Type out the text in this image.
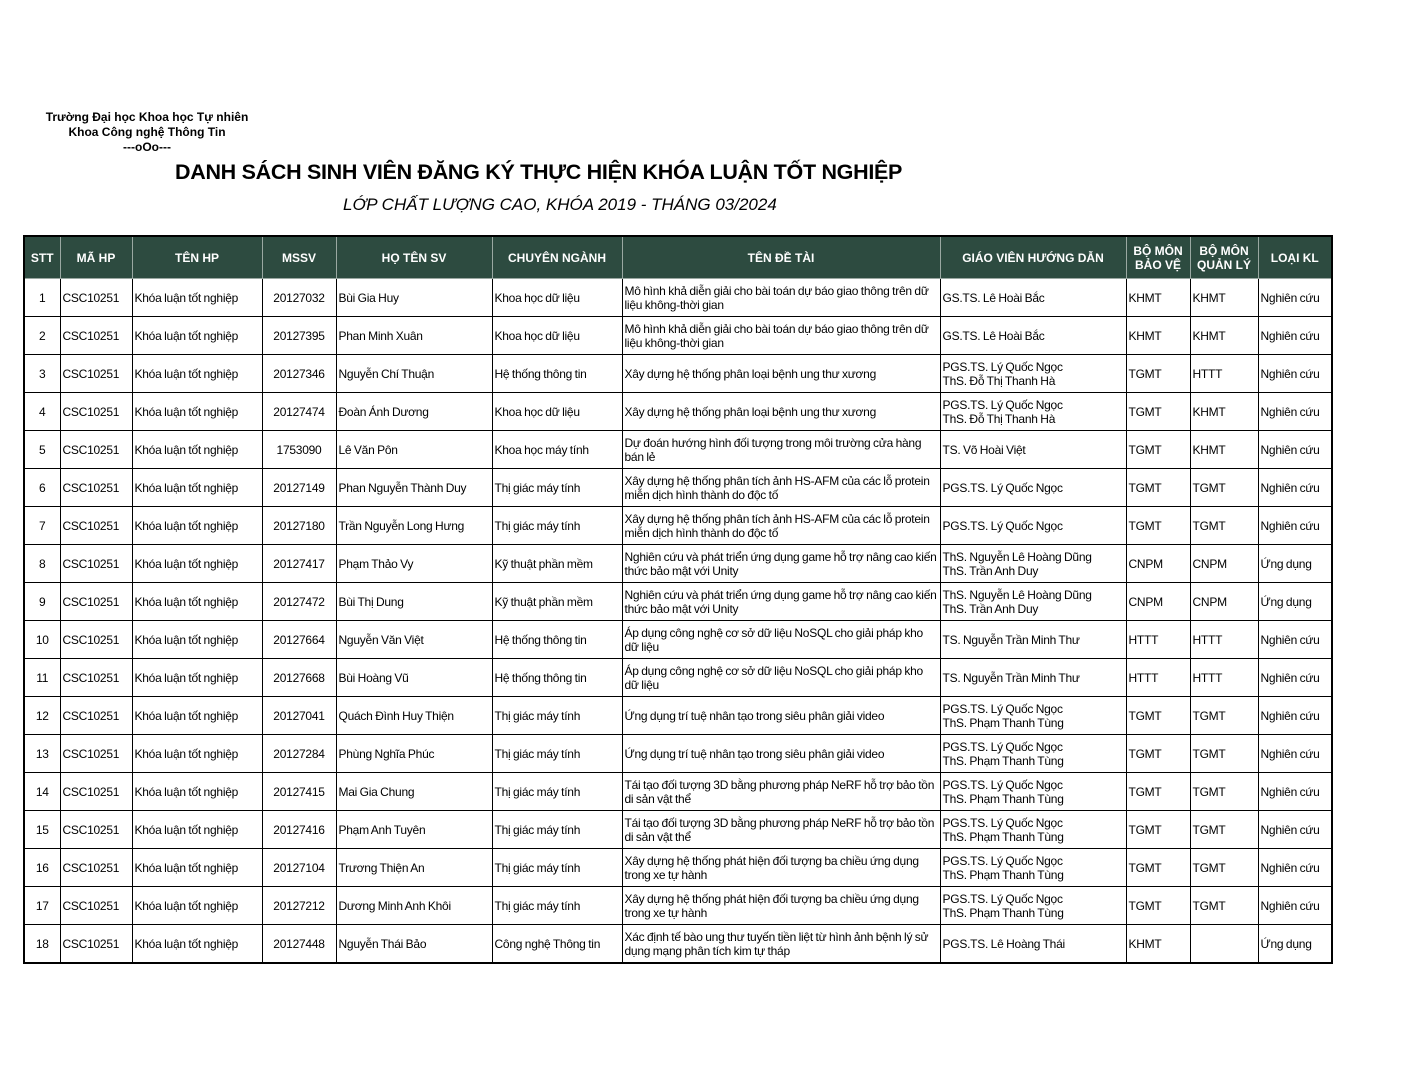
Trường Đại học Khoa học Tự nhiên
Khoa Công nghệ Thông Tin
---oOo---
DANH SÁCH SINH VIÊN ĐĂNG KÝ THỰC HIỆN KHÓA LUẬN TỐT NGHIỆP
LỚP CHẤT LƯỢNG CAO, KHÓA 2019 - THÁNG 03/2024
STT	MÃ HP	TÊN HP	MSSV	HỌ TÊN SV	CHUYÊN NGÀNH	TÊN ĐỀ TÀI	GIÁO VIÊN HƯỚNG DẪN	BỘ MÔN BẢO VỆ	BỘ MÔN QUẢN LÝ	LOẠI KL
1	CSC10251	Khóa luận tốt nghiệp	20127032	Bùi Gia Huy	Khoa học dữ liệu	Mô hình khả diễn giải cho bài toán dự báo giao thông trên dữ liệu không-thời gian	GS.TS. Lê Hoài Bắc	KHMT	KHMT	Nghiên cứu
2	CSC10251	Khóa luận tốt nghiệp	20127395	Phan Minh Xuân	Khoa học dữ liệu	Mô hình khả diễn giải cho bài toán dự báo giao thông trên dữ liệu không-thời gian	GS.TS. Lê Hoài Bắc	KHMT	KHMT	Nghiên cứu
3	CSC10251	Khóa luận tốt nghiệp	20127346	Nguyễn Chí Thuận	Hệ thống thông tin	Xây dựng hệ thống phân loại bệnh ung thư xương	PGS.TS. Lý Quốc Ngọc
ThS. Đỗ Thị Thanh Hà	TGMT	HTTT	Nghiên cứu
4	CSC10251	Khóa luận tốt nghiệp	20127474	Đoàn Ánh Dương	Khoa học dữ liệu	Xây dựng hệ thống phân loại bệnh ung thư xương	PGS.TS. Lý Quốc Ngọc
ThS. Đỗ Thị Thanh Hà	TGMT	KHMT	Nghiên cứu
5	CSC10251	Khóa luận tốt nghiệp	1753090	Lê Văn Pôn	Khoa học máy tính	Dự đoán hướng hình đối tượng trong môi trường cửa hàng bán lẻ	TS. Võ Hoài Việt	TGMT	KHMT	Nghiên cứu
6	CSC10251	Khóa luận tốt nghiệp	20127149	Phan Nguyễn Thành Duy	Thị giác máy tính	Xây dựng hệ thống phân tích ảnh HS-AFM của các lỗ protein miễn dịch hình thành do độc tố	PGS.TS. Lý Quốc Ngọc	TGMT	TGMT	Nghiên cứu
7	CSC10251	Khóa luận tốt nghiệp	20127180	Trần Nguyễn Long Hưng	Thị giác máy tính	Xây dựng hệ thống phân tích ảnh HS-AFM của các lỗ protein miễn dịch hình thành do độc tố	PGS.TS. Lý Quốc Ngọc	TGMT	TGMT	Nghiên cứu
8	CSC10251	Khóa luận tốt nghiệp	20127417	Phạm Thảo Vy	Kỹ thuật phần mềm	Nghiên cứu và phát triển ứng dụng game hỗ trợ nâng cao kiến thức bảo mật với Unity	ThS. Nguyễn Lê Hoàng Dũng
ThS. Trần Anh Duy	CNPM	CNPM	Ứng dụng
9	CSC10251	Khóa luận tốt nghiệp	20127472	Bùi Thị Dung	Kỹ thuật phần mềm	Nghiên cứu và phát triển ứng dụng game hỗ trợ nâng cao kiến thức bảo mật với Unity	ThS. Nguyễn Lê Hoàng Dũng
ThS. Trần Anh Duy	CNPM	CNPM	Ứng dụng
10	CSC10251	Khóa luận tốt nghiệp	20127664	Nguyễn Văn Việt	Hệ thống thông tin	Áp dụng công nghệ cơ sở dữ liệu NoSQL cho giải pháp kho dữ liệu	TS. Nguyễn Trần Minh Thư	HTTT	HTTT	Nghiên cứu
11	CSC10251	Khóa luận tốt nghiệp	20127668	Bùi Hoàng Vũ	Hệ thống thông tin	Áp dụng công nghệ cơ sở dữ liệu NoSQL cho giải pháp kho dữ liệu	TS. Nguyễn Trần Minh Thư	HTTT	HTTT	Nghiên cứu
12	CSC10251	Khóa luận tốt nghiệp	20127041	Quách Đình Huy Thiện	Thị giác máy tính	Ứng dụng trí tuệ nhân tạo trong siêu phân giải video	PGS.TS. Lý Quốc Ngọc
ThS. Phạm Thanh Tùng	TGMT	TGMT	Nghiên cứu
13	CSC10251	Khóa luận tốt nghiệp	20127284	Phùng Nghĩa Phúc	Thị giác máy tính	Ứng dụng trí tuệ nhân tạo trong siêu phân giải video	PGS.TS. Lý Quốc Ngọc
ThS. Phạm Thanh Tùng	TGMT	TGMT	Nghiên cứu
14	CSC10251	Khóa luận tốt nghiệp	20127415	Mai Gia Chung	Thị giác máy tính	Tái tạo đối tượng 3D bằng phương pháp NeRF hỗ trợ bảo tồn di sản vật thể	PGS.TS. Lý Quốc Ngọc
ThS. Phạm Thanh Tùng	TGMT	TGMT	Nghiên cứu
15	CSC10251	Khóa luận tốt nghiệp	20127416	Phạm Anh Tuyên	Thị giác máy tính	Tái tạo đối tượng 3D bằng phương pháp NeRF hỗ trợ bảo tồn di sản vật thể	PGS.TS. Lý Quốc Ngọc
ThS. Phạm Thanh Tùng	TGMT	TGMT	Nghiên cứu
16	CSC10251	Khóa luận tốt nghiệp	20127104	Trương Thiện An	Thị giác máy tính	Xây dựng hệ thống phát hiện đối tượng ba chiều ứng dụng trong xe tự hành	PGS.TS. Lý Quốc Ngọc
ThS. Phạm Thanh Tùng	TGMT	TGMT	Nghiên cứu
17	CSC10251	Khóa luận tốt nghiệp	20127212	Dương Minh Anh Khôi	Thị giác máy tính	Xây dựng hệ thống phát hiện đối tượng ba chiều ứng dụng trong xe tự hành	PGS.TS. Lý Quốc Ngọc
ThS. Phạm Thanh Tùng	TGMT	TGMT	Nghiên cứu
18	CSC10251	Khóa luận tốt nghiệp	20127448	Nguyễn Thái Bảo	Công nghệ Thông tin	Xác định tế bào ung thư tuyến tiền liệt từ hình ảnh bệnh lý sử dụng mạng phân tích kim tự tháp	PGS.TS. Lê Hoàng Thái	KHMT		Ứng dụng
